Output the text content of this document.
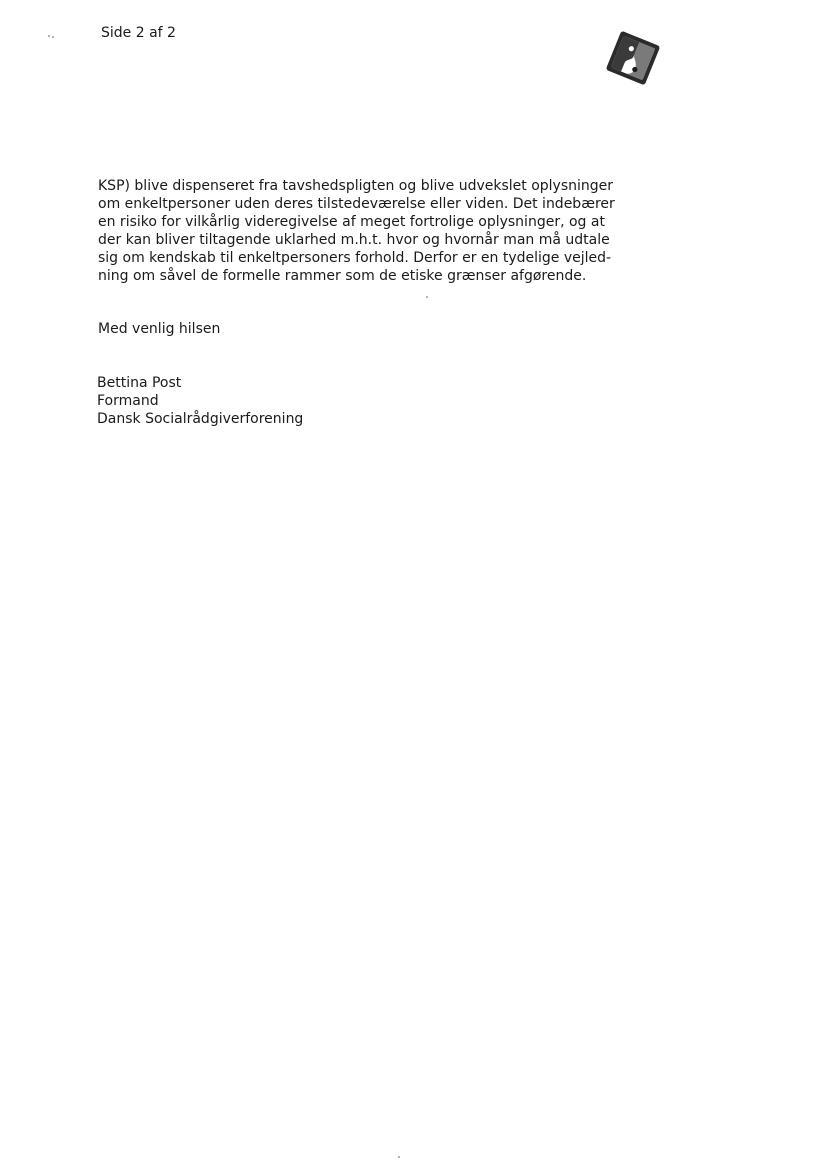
Side 2 af 2
KSP) blive dispenseret fra tavshedspligten og blive udvekslet oplysninger
om enkeltpersoner uden deres tilstedeværelse eller viden. Det indebærer
en risiko for vilkårlig videregivelse af meget fortrolige oplysninger, og at
der kan bliver tiltagende uklarhed m.h.t. hvor og hvornår man må udtale
sig om kendskab til enkeltpersoners forhold. Derfor er en tydelige vejled-
ning om såvel de formelle rammer som de etiske grænser afgørende.

Med venlig hilsen

Bettina Post
Formand
Dansk Socialrådgiverforening
